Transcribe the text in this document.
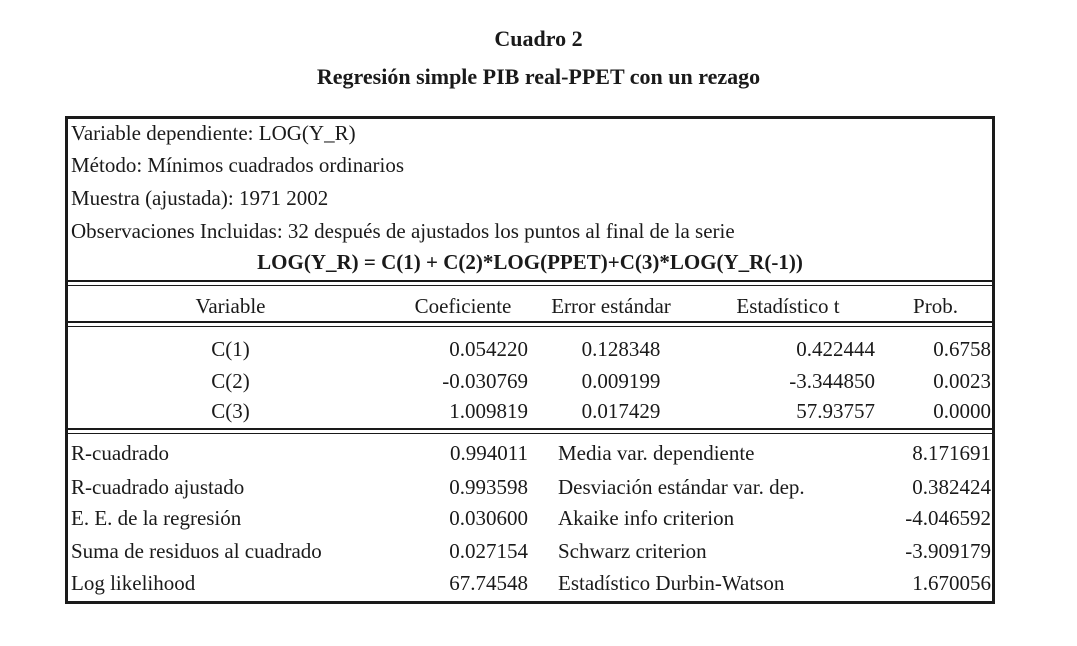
Cuadro 2
Regresión simple PIB real-PPET con un rezago
Variable dependiente: LOG(Y_R)
Método: Mínimos cuadrados ordinarios
Muestra (ajustada): 1971 2002
Observaciones Incluidas: 32 después de ajustados los puntos al final de la serie
LOG(Y_R) = C(1) + C(2)*LOG(PPET)+C(3)*LOG(Y_R(-1))
Variable	Coeficiente	Error estándar	Estadístico t	Prob.
C(1)	0.054220	0.128348	0.422444	0.6758
C(2)	-0.030769	0.009199	-3.344850	0.0023
C(3)	1.009819	0.017429	57.93757	0.0000
R-cuadrado	0.994011 Media var. dependiente	8.171691
R-cuadrado ajustado	0.993598 Desviación estándar var. dep.	0.382424
E. E. de la regresión	0.030600 Akaike info criterion	-4.046592
Suma de residuos al cuadrado	0.027154 Schwarz criterion	-3.909179
Log likelihood	67.74548 Estadístico Durbin-Watson	1.670056
